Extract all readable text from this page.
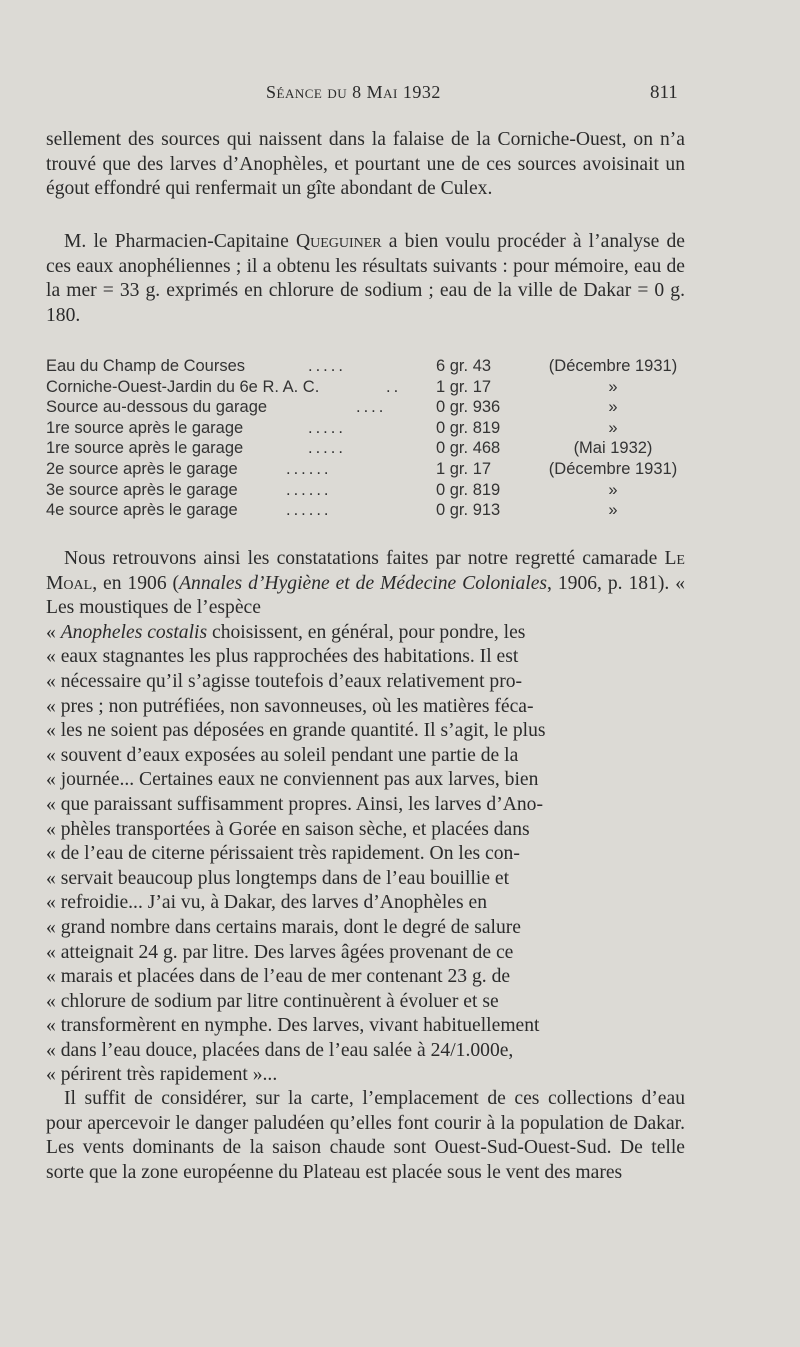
Séance du 8 Mai 1932	811

sellement des sources qui naissent dans la falaise de la Corniche-Ouest, on n’a trouvé que des larves d’Anophèles, et pourtant une de ces sources avoisinait un égout effondré qui renfermait un gîte abondant de Culex.

M. le Pharmacien-Capitaine Queguiner a bien voulu procéder à l’analyse de ces eaux anophéliennes ; il a obtenu les résultats suivants : pour mémoire, eau de la mer = 33 g. exprimés en chlorure de sodium ; eau de la ville de Dakar = 0 g. 180.

Eau du Champ de Courses	.....	6 gr. 43	(Décembre 1931)
Corniche-Ouest-Jardin du 6e R. A. C.	.. 1 gr. 17	»
Source au-dessous du garage	....	0 gr. 936	»
1re source après le garage	.....	0 gr. 819	»
1re source après le garage	.....	0 gr. 468	(Mai 1932)
2e source après le garage	......	1 gr. 17	(Décembre 1931)
3e source après le garage	......	0 gr. 819	»
4e source après le garage	......	0 gr. 913	»

Nous retrouvons ainsi les constatations faites par notre regretté camarade Le Moal, en 1906 (Annales d’Hygiène et de Médecine Coloniales, 1906, p. 181). « Les moustiques de l’espèce

« Anopheles costalis choisissent, en général, pour pondre, les
« eaux stagnantes les plus rapprochées des habitations. Il est
« nécessaire qu’il s’agisse toutefois d’eaux relativement pro-
« pres ; non putréfiées, non savonneuses, où les matières féca-
« les ne soient pas déposées en grande quantité. Il s’agit, le plus
« souvent d’eaux exposées au soleil pendant une partie de la
« journée... Certaines eaux ne conviennent pas aux larves, bien
« que paraissant suffisamment propres. Ainsi, les larves d’Ano-
« phèles transportées à Gorée en saison sèche, et placées dans
« de l’eau de citerne périssaient très rapidement. On les con-
« servait beaucoup plus longtemps dans de l’eau bouillie et
« refroidie... J’ai vu, à Dakar, des larves d’Anophèles en
« grand nombre dans certains marais, dont le degré de salure
« atteignait 24 g. par litre. Des larves âgées provenant de ce
« marais et placées dans de l’eau de mer contenant 23 g. de
« chlorure de sodium par litre continuèrent à évoluer et se
« transformèrent en nymphe. Des larves, vivant habituellement
« dans l’eau douce, placées dans de l’eau salée à 24/1.000e,
« périrent très rapidement »...

Il suffit de considérer, sur la carte, l’emplacement de ces collections d’eau pour apercevoir le danger paludéen qu’elles font courir à la population de Dakar. Les vents dominants de la saison chaude sont Ouest-Sud-Ouest-Sud. De telle sorte que la zone européenne du Plateau est placée sous le vent des mares
